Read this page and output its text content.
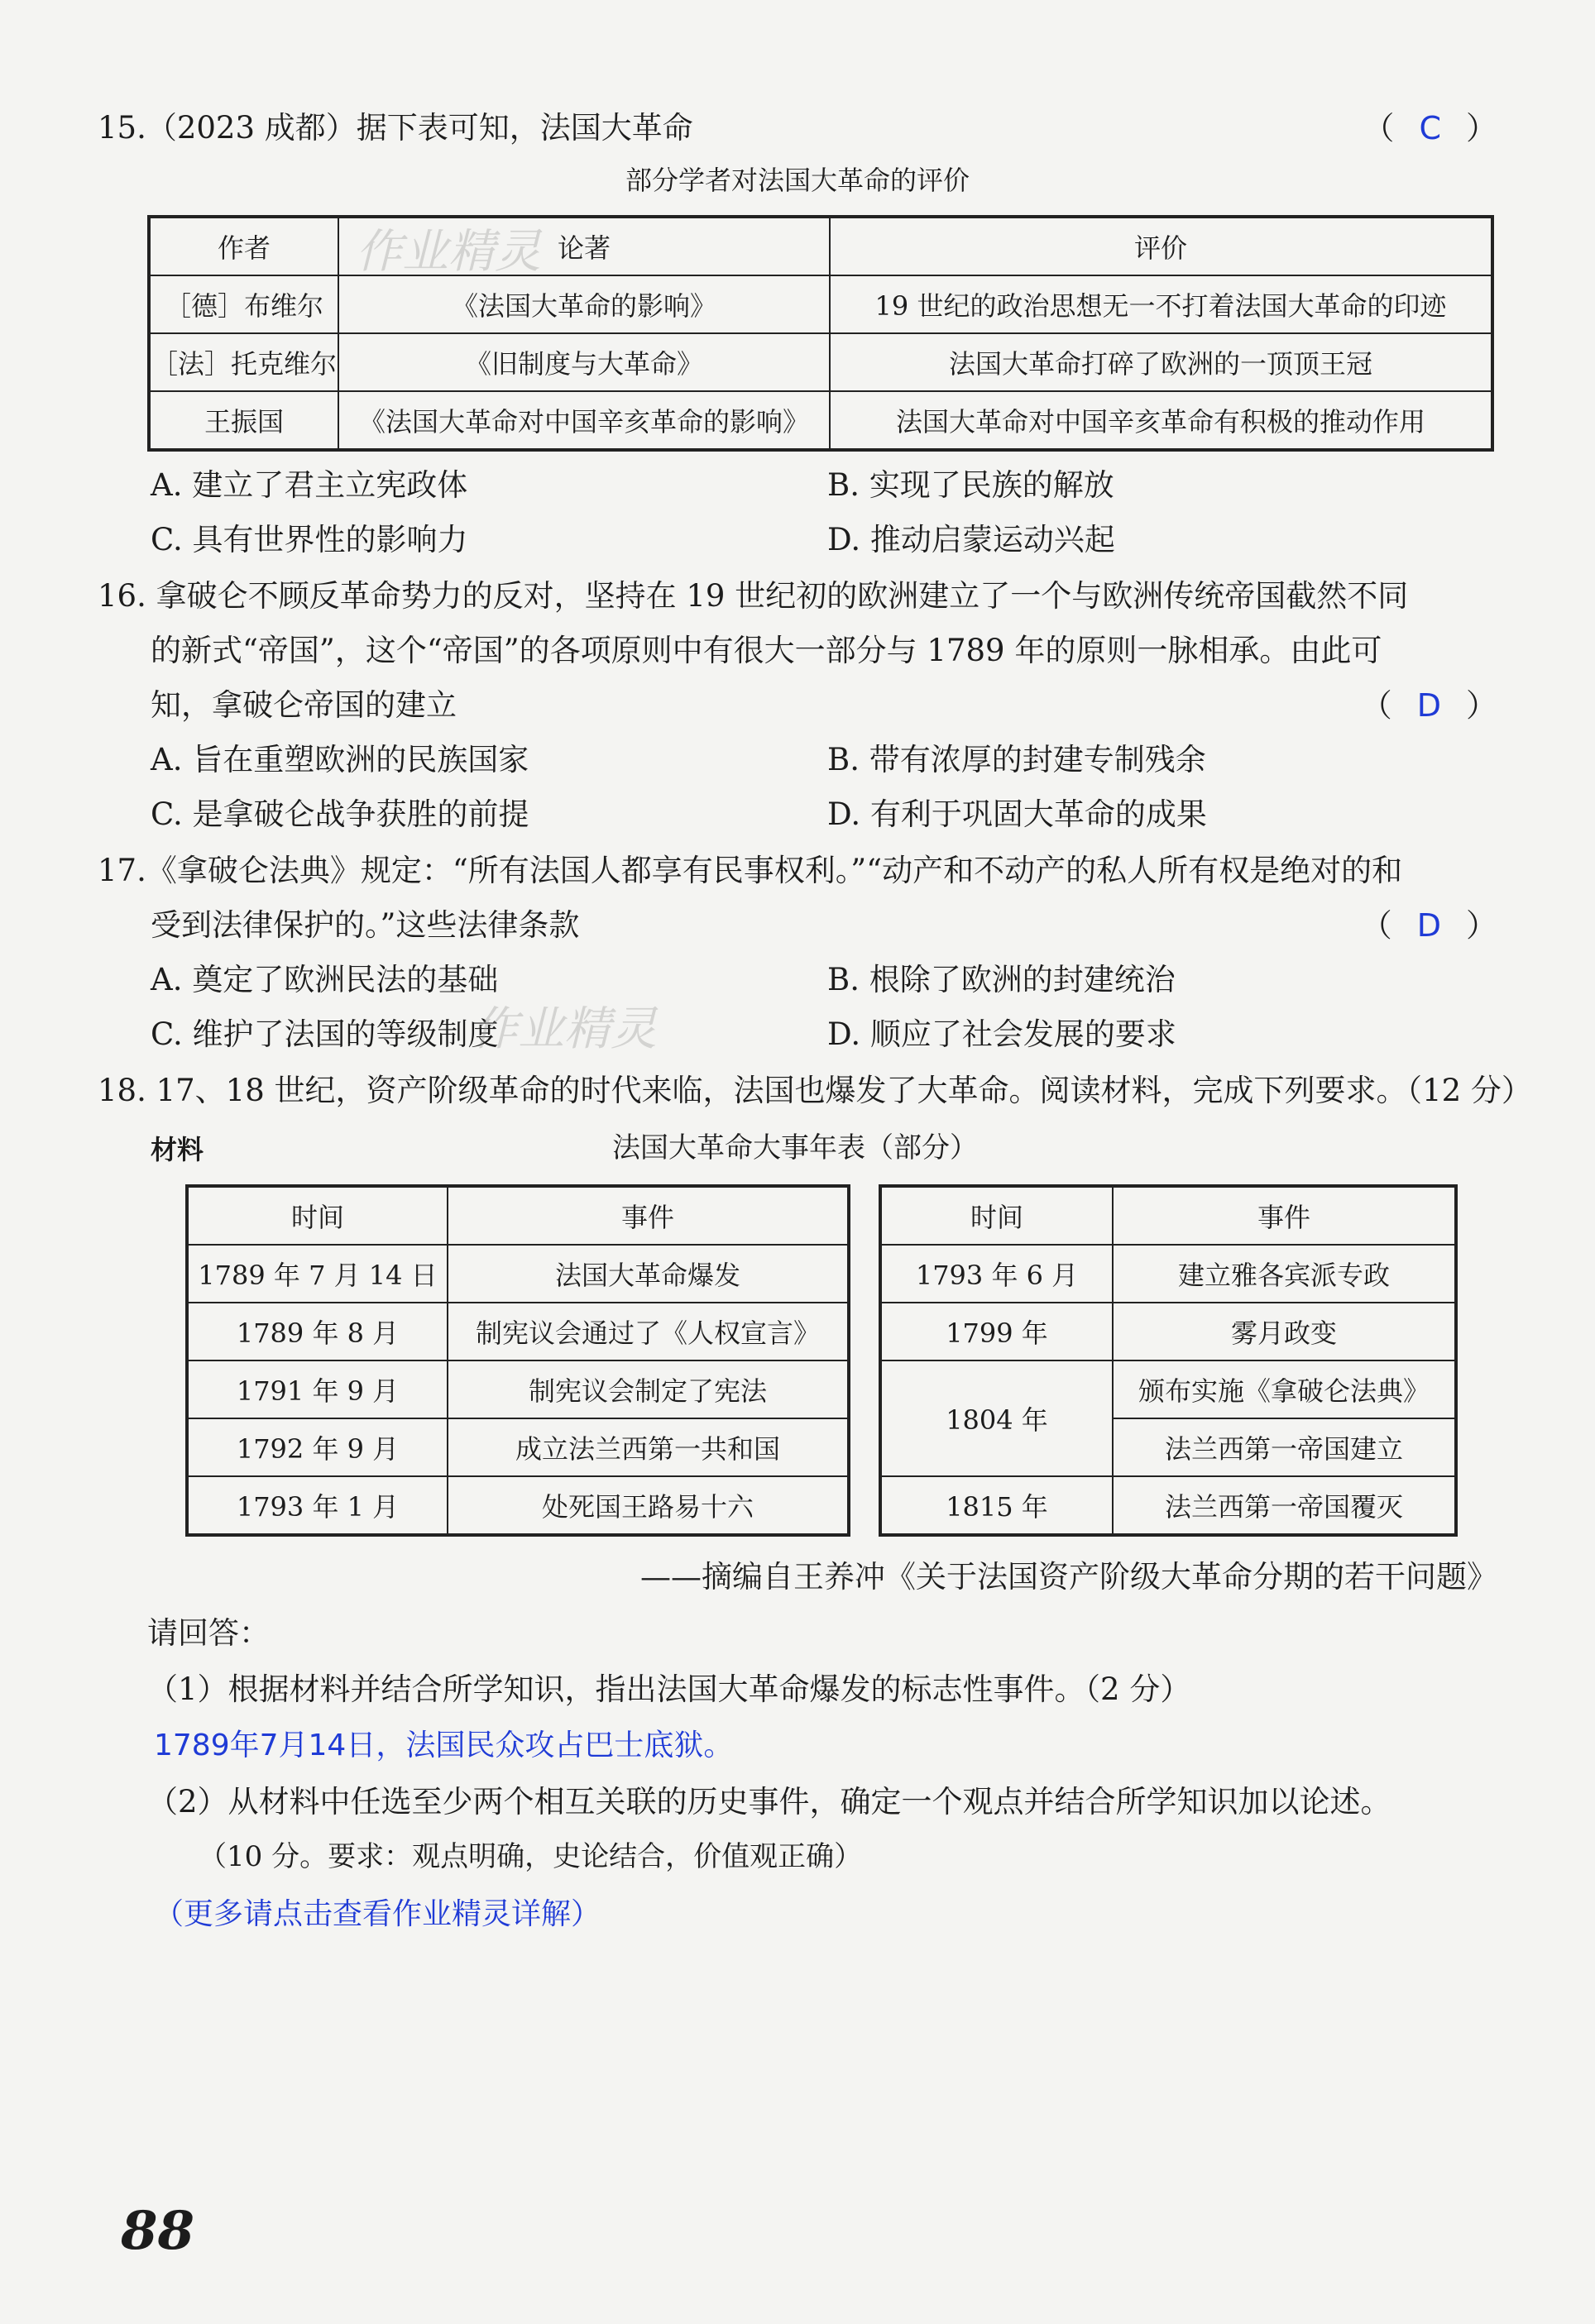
15.（2023 成都）据下表可知，法国大革命	（ C ）
部分学者对法国大革命的评价
作者	论著	评价
［德］布维尔	《法国大革命的影响》	19 世纪的政治思想无一不打着法国大革命的印迹
［法］托克维尔	《旧制度与大革命》	法国大革命打碎了欧洲的一顶顶王冠
王振国	《法国大革命对中国辛亥革命的影响》	法国大革命对中国辛亥革命有积极的推动作用
A. 建立了君主立宪政体	B. 实现了民族的解放
C. 具有世界性的影响力	D. 推动启蒙运动兴起
16. 拿破仑不顾反革命势力的反对，坚持在 19 世纪初的欧洲建立了一个与欧洲传统帝国截然不同
的新式“帝国”，这个“帝国”的各项原则中有很大一部分与 1789 年的原则一脉相承。由此可
知，拿破仑帝国的建立	（ D ）
A. 旨在重塑欧洲的民族国家	B. 带有浓厚的封建专制残余
C. 是拿破仑战争获胜的前提	D. 有利于巩固大革命的成果
17.《拿破仑法典》规定：“所有法国人都享有民事权利。”“动产和不动产的私人所有权是绝对的和
受到法律保护的。”这些法律条款	（ D ）
A. 奠定了欧洲民法的基础	B. 根除了欧洲的封建统治
C. 维护了法国的等级制度	D. 顺应了社会发展的要求
18. 17、18 世纪，资产阶级革命的时代来临，法国也爆发了大革命。阅读材料，完成下列要求。（12 分）
材料	法国大革命大事年表（部分）
时间	事件
1789 年 7 月 14 日	法国大革命爆发
1789 年 8 月	制宪议会通过了《人权宣言》
1791 年 9 月	制宪议会制定了宪法
1792 年 9 月	成立法兰西第一共和国
1793 年 1 月	处死国王路易十六
时间	事件
1793 年 6 月	建立雅各宾派专政
1799 年	雾月政变
1804 年	颁布实施《拿破仑法典》
	法兰西第一帝国建立
1815 年	法兰西第一帝国覆灭
——摘编自王养冲《关于法国资产阶级大革命分期的若干问题》
请回答：
（1）根据材料并结合所学知识，指出法国大革命爆发的标志性事件。（2 分）
1789年7月14日，法国民众攻占巴士底狱。
（2）从材料中任选至少两个相互关联的历史事件，确定一个观点并结合所学知识加以论述。
（10 分。要求：观点明确，史论结合，价值观正确）
（更多请点击查看作业精灵详解）
作业精灵
作业精灵
88
